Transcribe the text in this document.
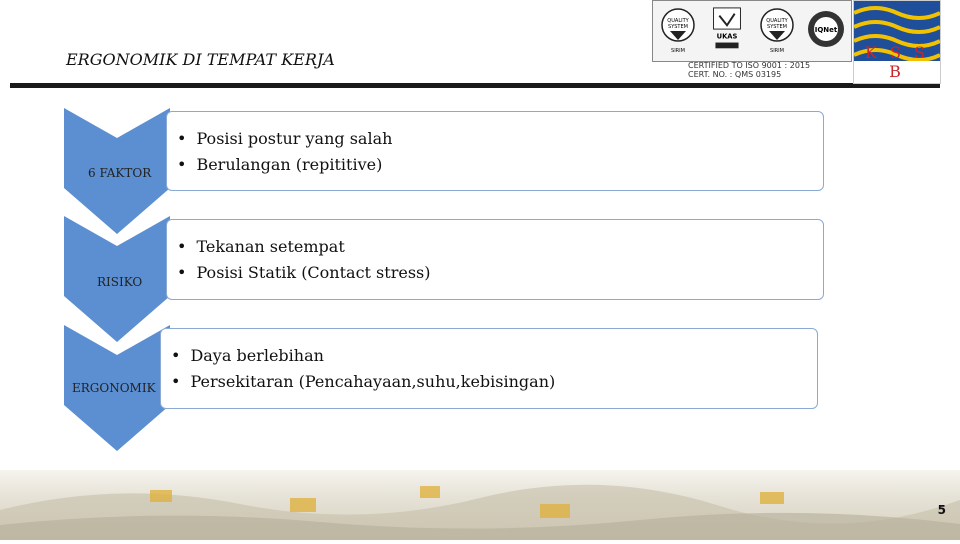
ERGONOMIK DI TEMPAT KERJA
QUALITY
SYSTEM
SIRIM
UKAS
QUALITY
SYSTEM
SIRIM
IQNet
CERTIFIED TO ISO 9001 : 2015
CERT. NO. : QMS 03195
K S S B
6 FAKTOR
• Posisi postur yang salah
• Berulangan (repititive)
RISIKO
• Tekanan setempat
• Posisi Statik (Contact stress)
ERGONOMIK
• Daya berlebihan
• Persekitaran (Pencahayaan,suhu,kebisingan)
5
